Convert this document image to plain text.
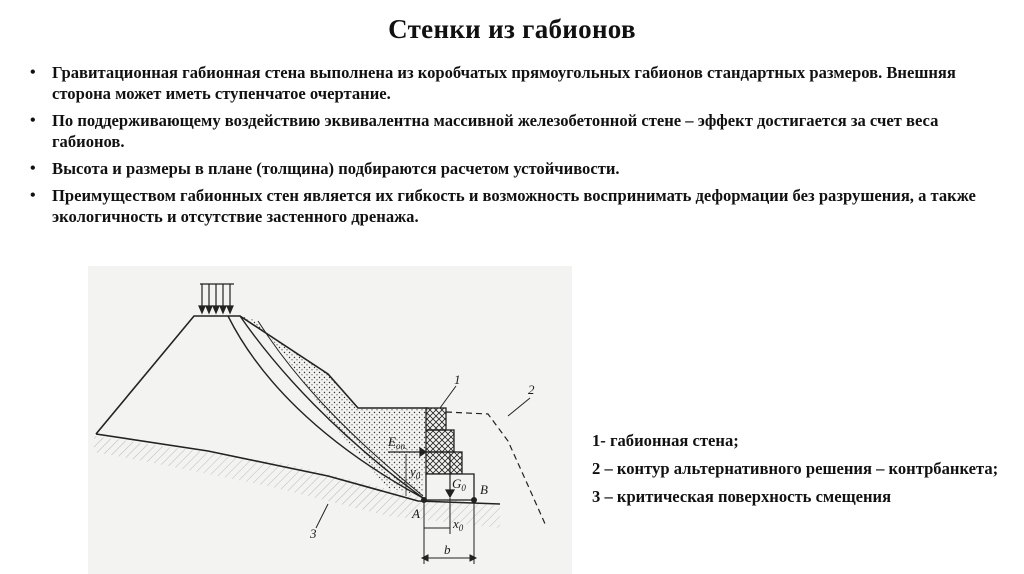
Стенки из габионов
• Гравитационная габионная стена выполнена из коробчатых прямоугольных габионов стандартных размеров. Внешняя сторона может иметь ступенчатое очертание.
• По поддерживающему воздействию эквивалентна массивной железобетонной стене – эффект достигается за счет веса габионов.
• Высота и размеры в плане (толщина) подбираются расчетом устойчивости.
• Преимуществом габионных стен является их гибкость и возможность воспринимать деформации без разрушения, а также экологичность и отсутствие застенного дренажа.
1
2
3
A
B
$E_{оп.}$
$y_0$ $G_0$
$x_0$
b
1- габионная стена;
2 – контур альтернативного решения – контрбанкета;
3 – критическая поверхность смещения
